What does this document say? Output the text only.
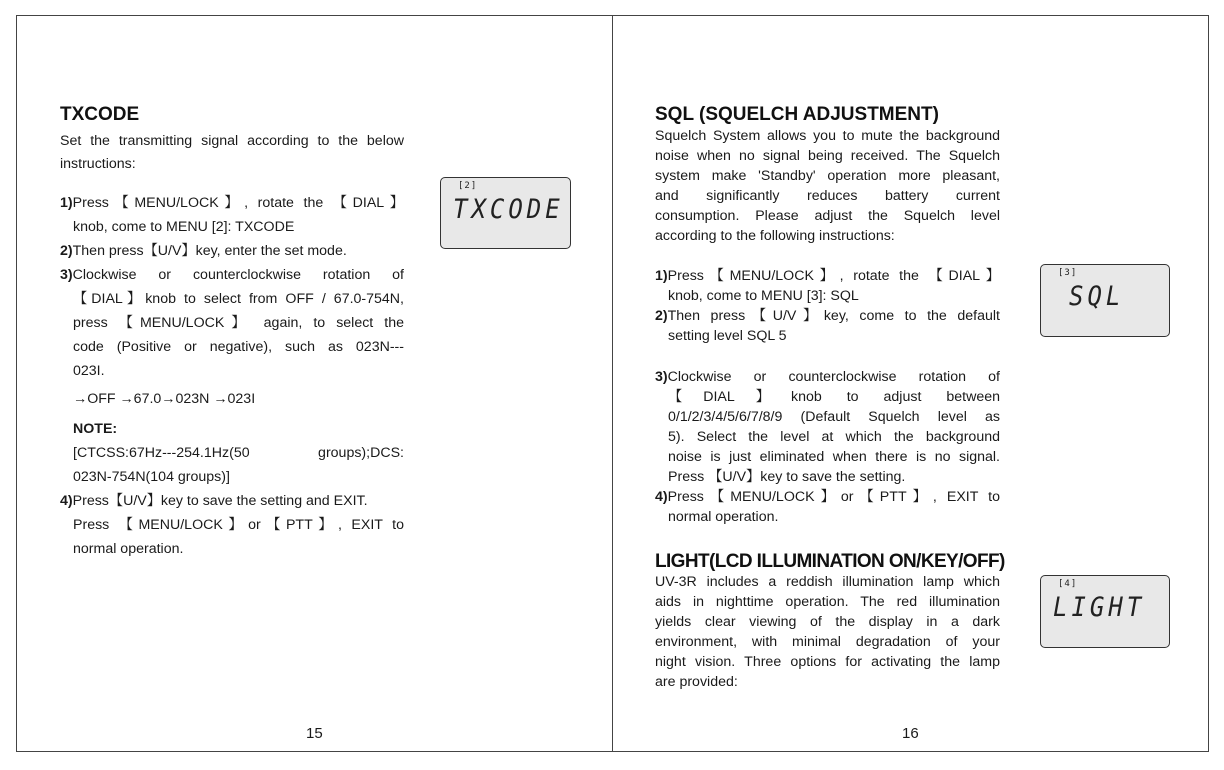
TXCODE
Set the transmitting signal according to the below
instructions:
1)Press【MENU/LOCK】, rotate the 【DIAL】
knob, come to MENU [2]: TXCODE
2)Then press【U/V】key, enter the set mode.
3)Clockwise or counterclockwise rotation of
【DIAL】knob to select from OFF / 67.0-754N,
press 【MENU/LOCK】 again, to select the
code (Positive or negative), such as 023N---
023I.
→OFF →67.0→023N →023I
NOTE:
[CTCSS:67Hz---254.1Hz(50 groups);DCS:
023N-754N(104 groups)]
4)Press【U/V】key to save the setting and EXIT.
Press 【MENU/LOCK】or【PTT】, EXIT to
normal operation.
[2]
TXCODE
15
SQL (SQUELCH ADJUSTMENT)
Squelch System allows you to mute the background
noise when no signal being received. The Squelch
system make 'Standby' operation more pleasant,
and significantly reduces battery current
consumption. Please adjust the Squelch level
according to the following instructions:
1)Press【MENU/LOCK】, rotate the 【DIAL】
knob, come to MENU [3]: SQL
2)Then press【U/V】key, come to the default
setting level SQL 5
3)Clockwise or counterclockwise rotation of
【DIAL】knob to adjust between
0/1/2/3/4/5/6/7/8/9 (Default Squelch level as
5). Select the level at which the background
noise is just eliminated when there is no signal.
Press 【U/V】key to save the setting.
4)Press【MENU/LOCK】or【PTT】, EXIT to
normal operation.
LIGHT(LCD ILLUMINATION ON/KEY/OFF)
UV-3R includes a reddish illumination lamp which
aids in nighttime operation. The red illumination
yields clear viewing of the display in a dark
environment, with minimal degradation of your
night vision. Three options for activating the lamp
are provided:
[3]
SQL
[4]
LIGHT
16
